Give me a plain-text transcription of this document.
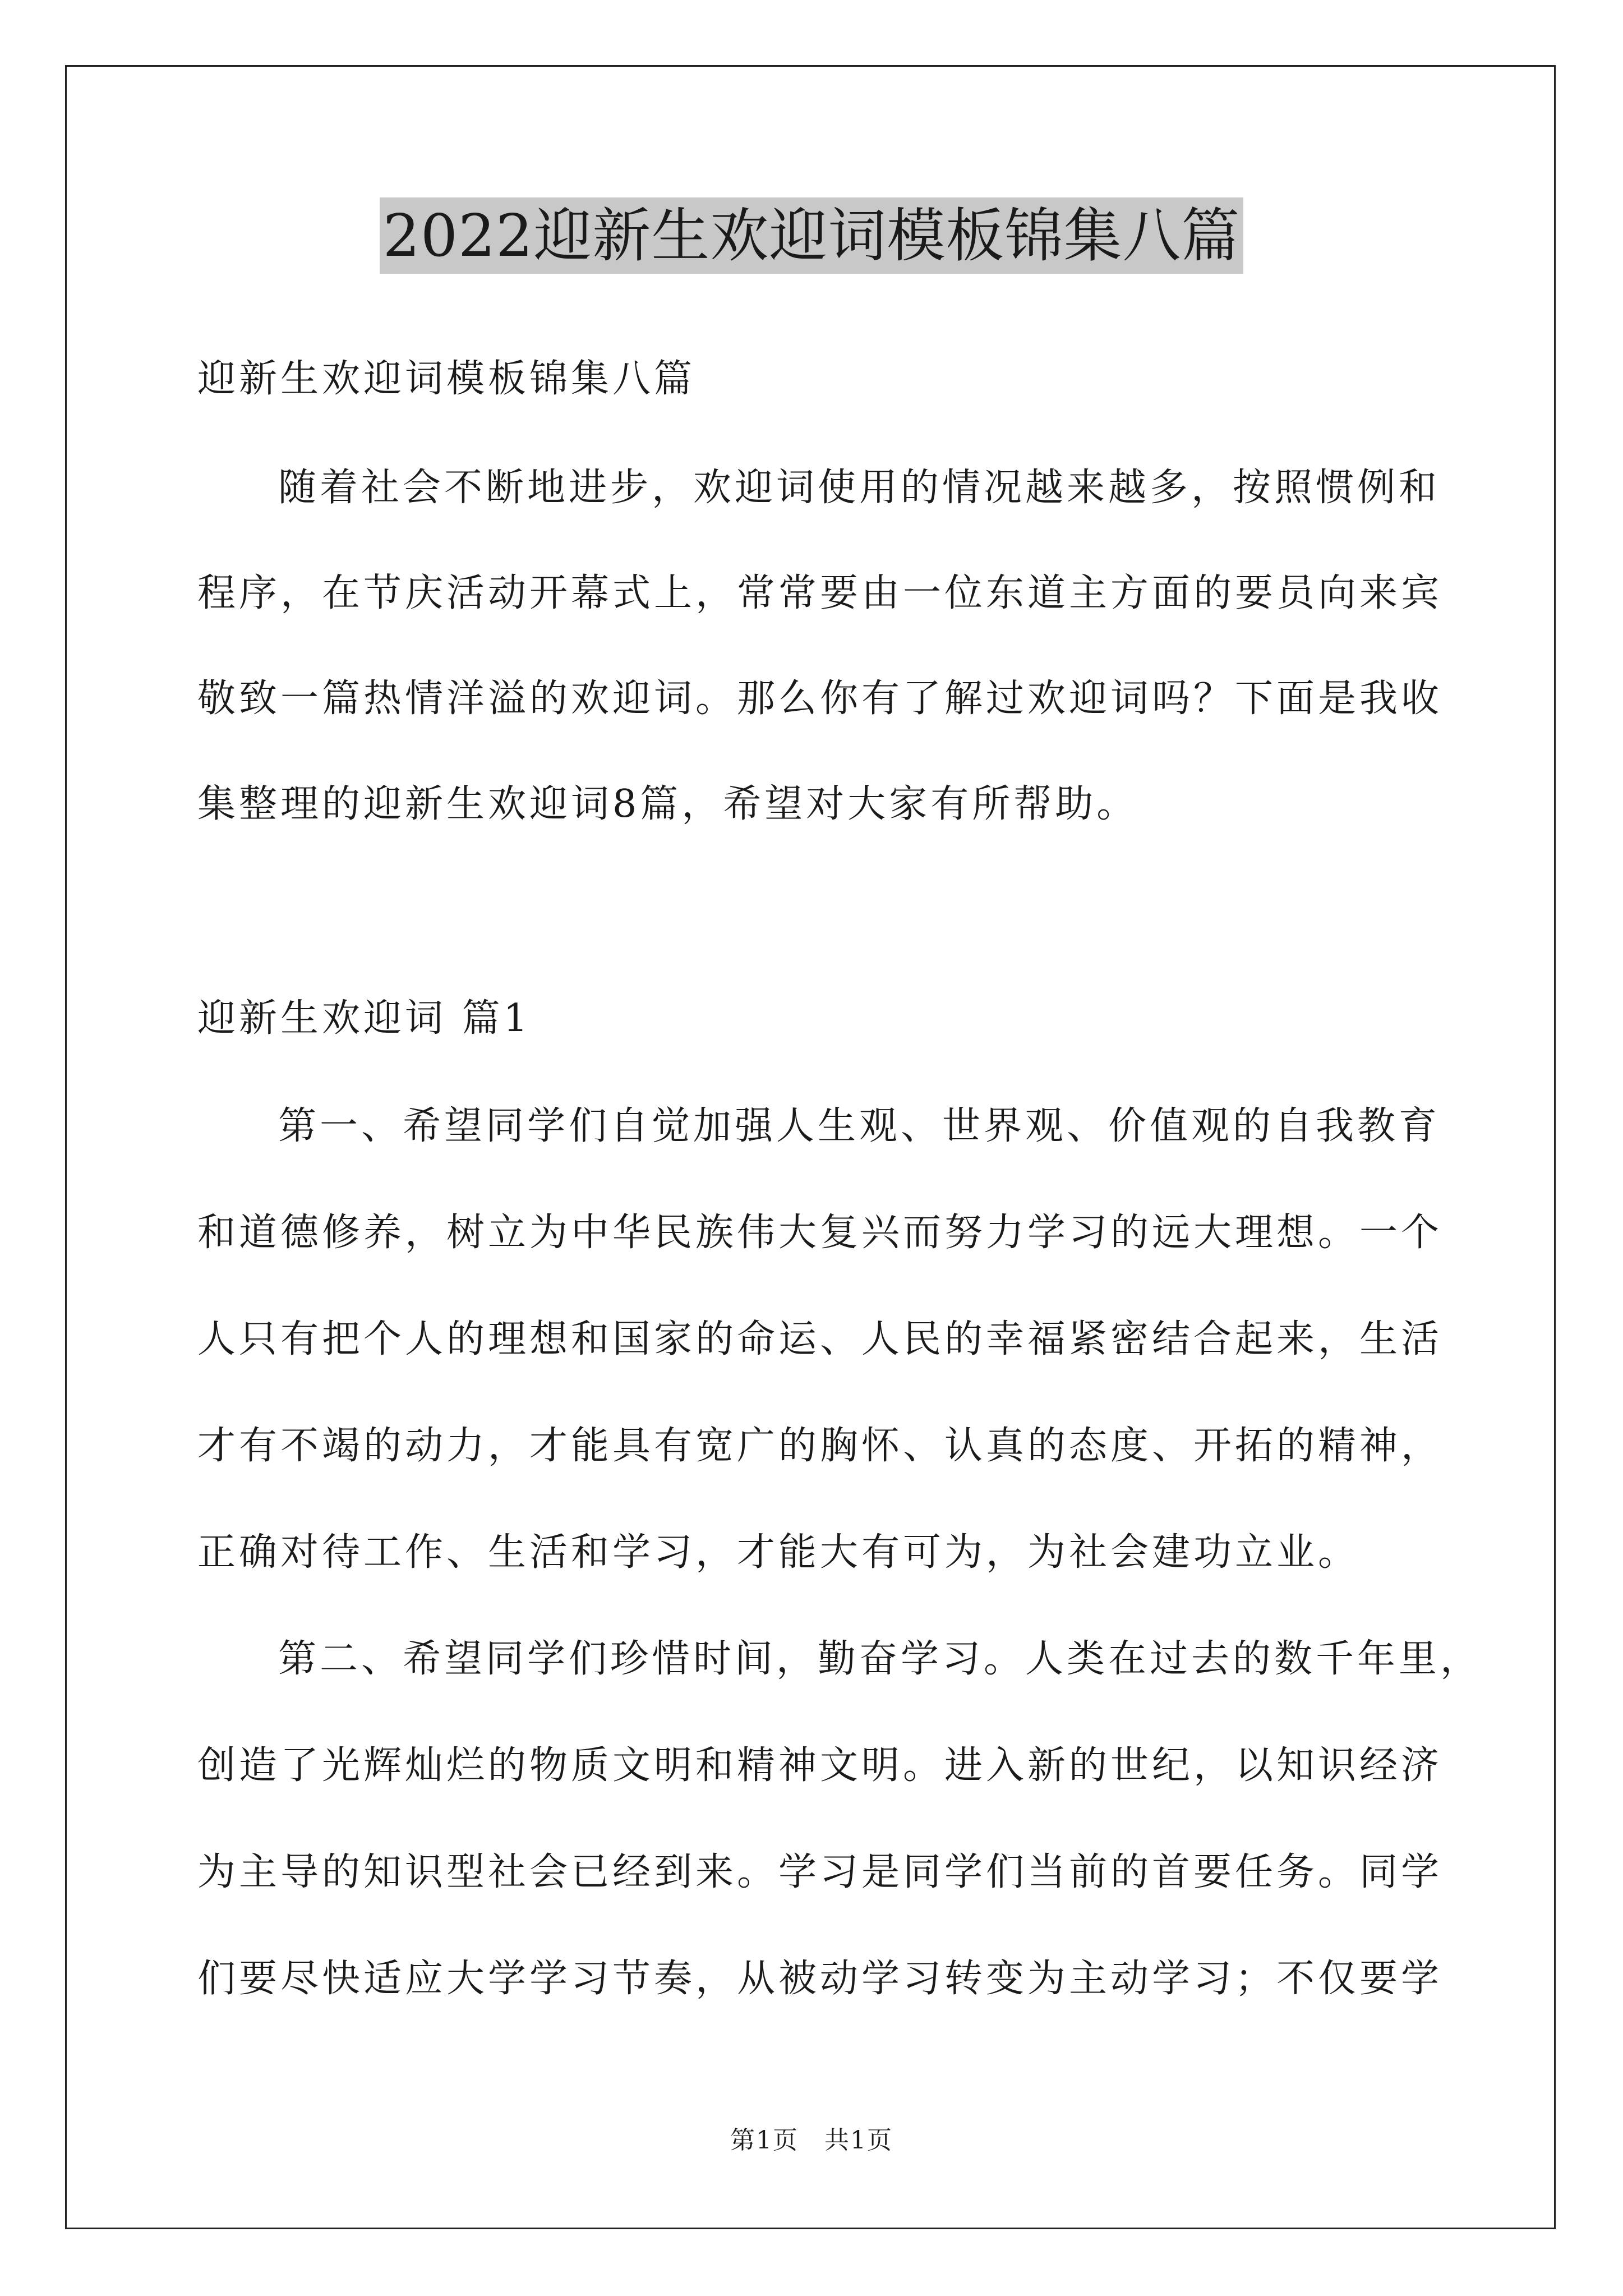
2022迎新生欢迎词模板锦集八篇
迎新生欢迎词模板锦集八篇
随着社会不断地进步，欢迎词使用的情况越来越多，按照惯例和
程序，在节庆活动开幕式上，常常要由一位东道主方面的要员向来宾
敬致一篇热情洋溢的欢迎词。那么你有了解过欢迎词吗？下面是我收
集整理的迎新生欢迎词8篇，希望对大家有所帮助。
迎新生欢迎词 篇1
第一、希望同学们自觉加强人生观、世界观、价值观的自我教育
和道德修养，树立为中华民族伟大复兴而努力学习的远大理想。一个
人只有把个人的理想和国家的命运、人民的幸福紧密结合起来，生活
才有不竭的动力，才能具有宽广的胸怀、认真的态度、开拓的精神，
正确对待工作、生活和学习，才能大有可为，为社会建功立业。
第二、希望同学们珍惜时间，勤奋学习。人类在过去的数千年里，
创造了光辉灿烂的物质文明和精神文明。进入新的世纪，以知识经济
为主导的知识型社会已经到来。学习是同学们当前的首要任务。同学
们要尽快适应大学学习节奏，从被动学习转变为主动学习；不仅要学
第1页　共1页
